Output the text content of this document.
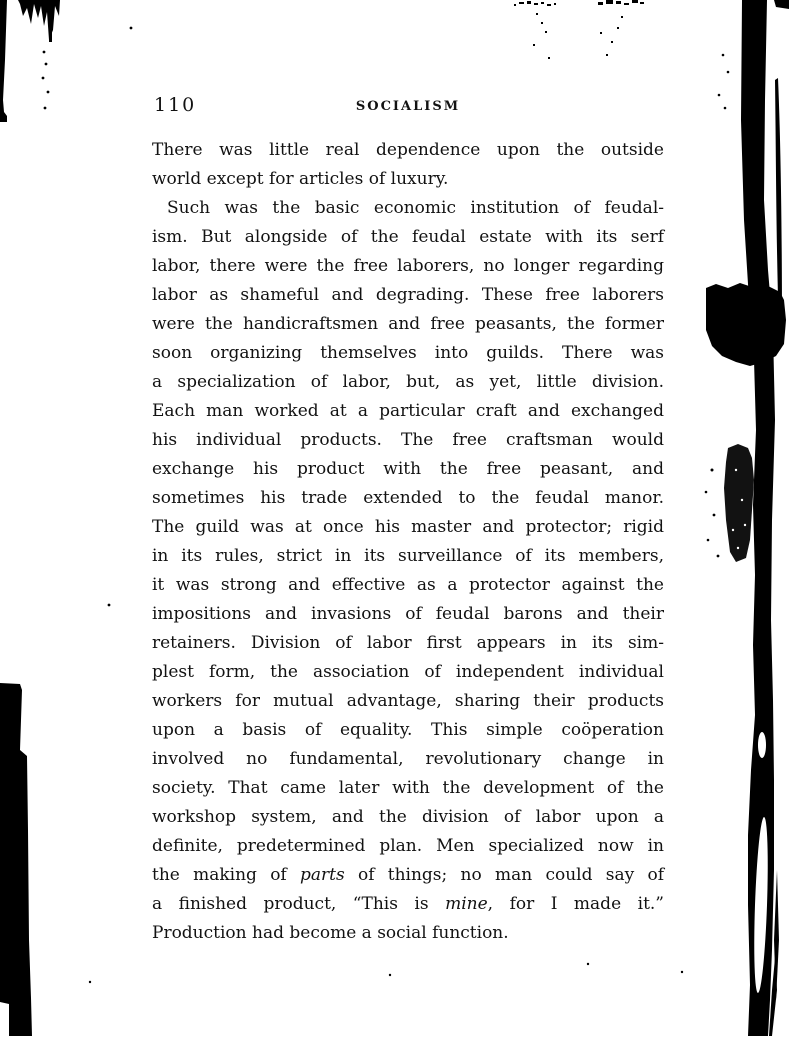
110	SOCIALISM
There was little real dependence upon the outside
world except for articles of luxury.
Such was the basic economic institution of feudal-
ism. But alongside of the feudal estate with its serf
labor, there were the free laborers, no longer regarding
labor as shameful and degrading. These free laborers
were the handicraftsmen and free peasants, the former
soon organizing themselves into guilds. There was
a specialization of labor, but, as yet, little division.
Each man worked at a particular craft and exchanged
his individual products. The free craftsman would
exchange his product with the free peasant, and
sometimes his trade extended to the feudal manor.
The guild was at once his master and protector; rigid
in its rules, strict in its surveillance of its members,
it was strong and effective as a protector against the
impositions and invasions of feudal barons and their
retainers. Division of labor first appears in its sim-
plest form, the association of independent individual
workers for mutual advantage, sharing their products
upon a basis of equality. This simple coöperation
involved no fundamental, revolutionary change in
society. That came later with the development of the
workshop system, and the division of labor upon a
definite, predetermined plan. Men specialized now in
the making of parts of things; no man could say of
a finished product, “This is mine, for I made it.”
Production had become a social function.
